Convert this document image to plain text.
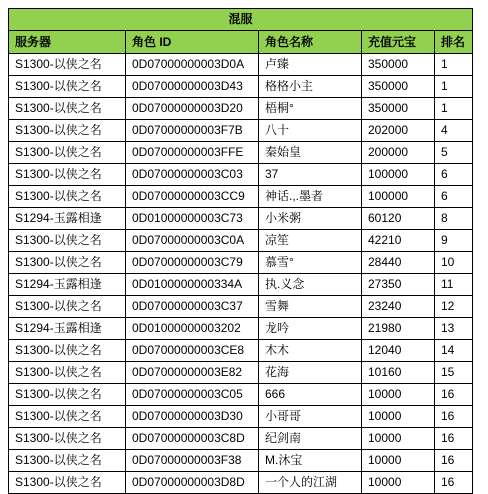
混服				
服务器	角色 ID	角色名称	充值元宝	排名
S1300-以侠之名	0D07000000003D0A	卢臻	350000	1
S1300-以侠之名	0D07000000003D43	格格小主	350000	1
S1300-以侠之名	0D07000000003D20	梧桐°	350000	1
S1300-以侠之名	0D07000000003F7B	八十	202000	4
S1300-以侠之名	0D07000000003FFE	秦始皇	200000	5
S1300-以侠之名	0D07000000003C03	37	100000	6
S1300-以侠之名	0D07000000003CC9	神话.,.墨者	100000	6
S1294-玉露相逢	0D01000000003C73	小米粥	60120	8
S1300-以侠之名	0D07000000003C0A	凉笙	42210	9
S1300-以侠之名	0D07000000003C79	慕雪°	28440	10
S1294-玉露相逢	0D0100000000334A	执.义念	27350	11
S1300-以侠之名	0D07000000003C37	雪舞	23240	12
S1294-玉露相逢	0D01000000003202	龙吟	21980	13
S1300-以侠之名	0D07000000003CE8	木木	12040	14
S1300-以侠之名	0D07000000003E82	花海	10160	15
S1300-以侠之名	0D07000000003C05	666	10000	16
S1300-以侠之名	0D07000000003D30	小哥哥	10000	16
S1300-以侠之名	0D07000000003C8D	纪剑南	10000	16
S1300-以侠之名	0D07000000003F38	M.沐宝	10000	16
S1300-以侠之名	0D07000000003D8D	一个人的江湖	10000	16
